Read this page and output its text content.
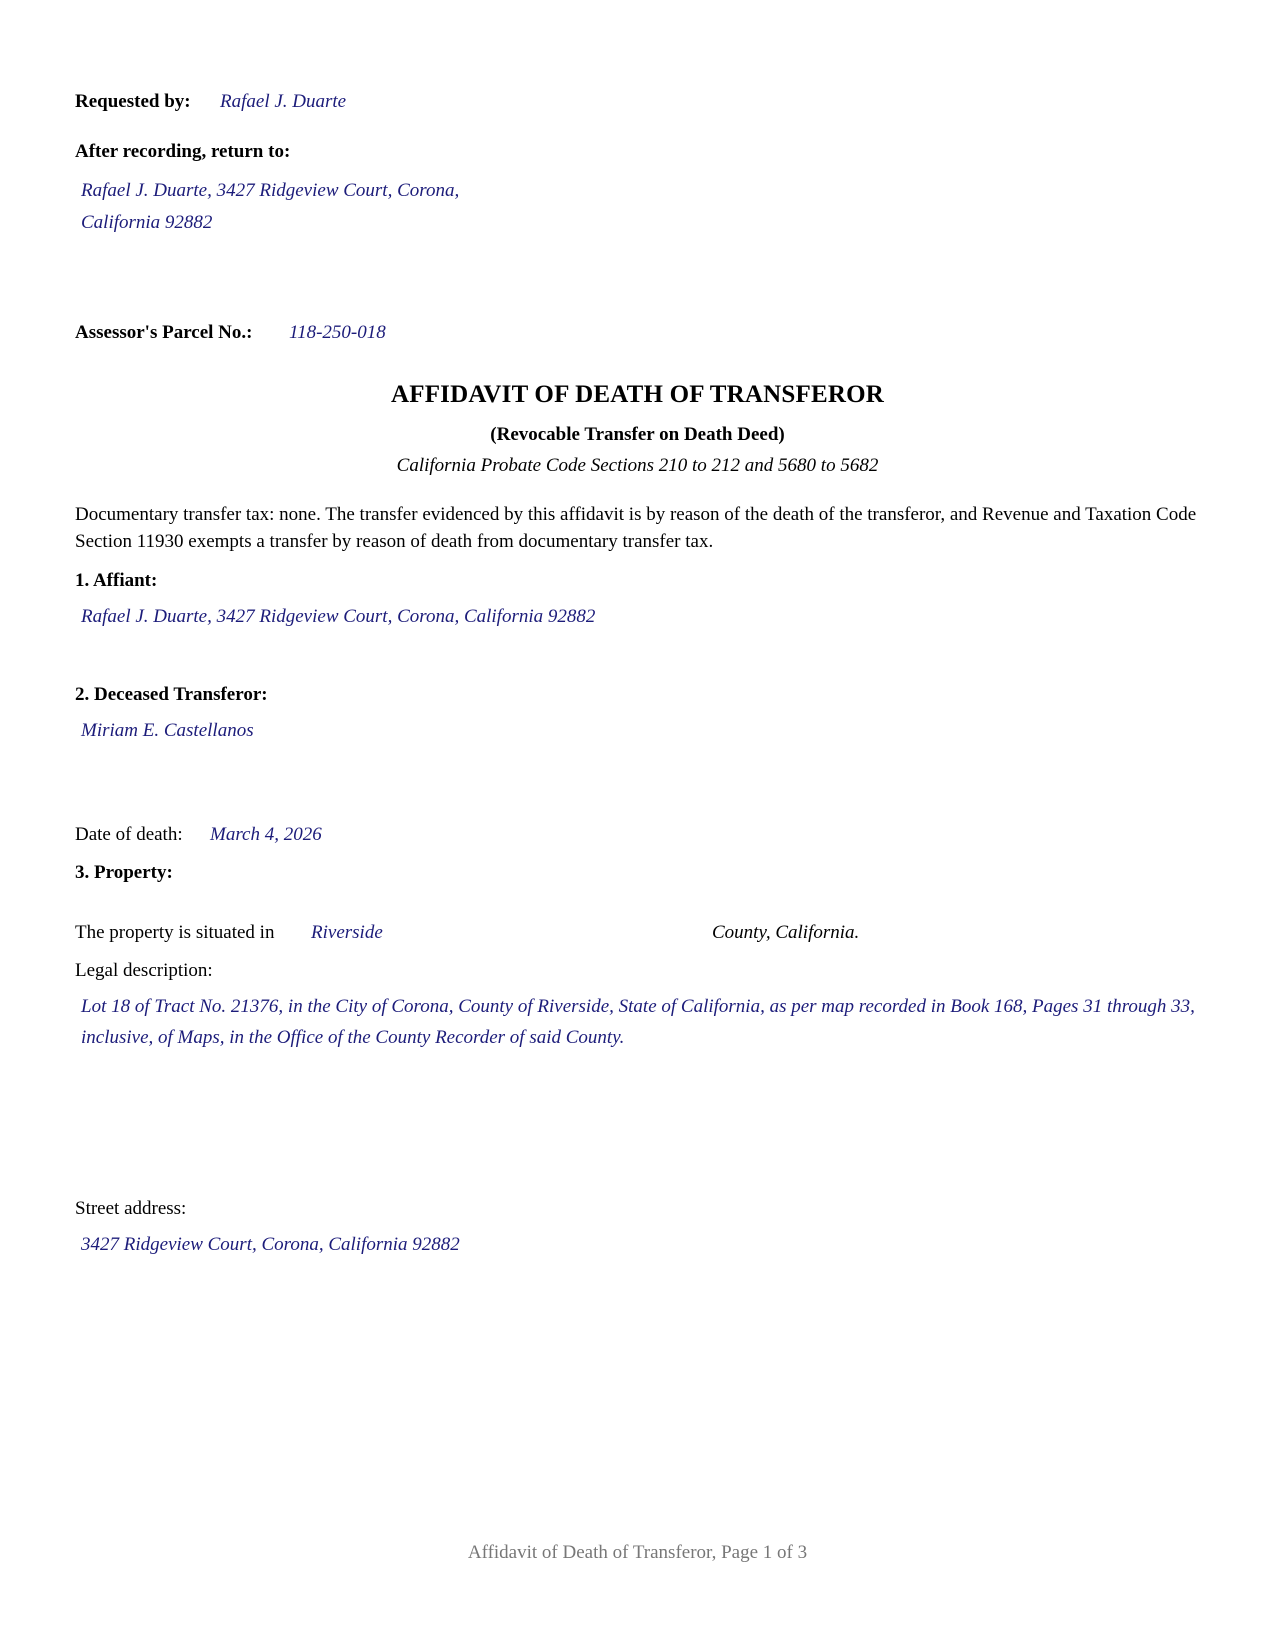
Requested by: Rafael J. Duarte
After recording, return to:
Rafael J. Duarte, 3427 Ridgeview Court, Corona, California 92882
Assessor's Parcel No.: 118-250-018
AFFIDAVIT OF DEATH OF TRANSFEROR
(Revocable Transfer on Death Deed)
California Probate Code Sections 210 to 212 and 5680 to 5682
Documentary transfer tax: none. The transfer evidenced by this affidavit is by reason of the death of the transferor, and Revenue and Taxation Code Section 11930 exempts a transfer by reason of death from documentary transfer tax.
1. Affiant:
Rafael J. Duarte, 3427 Ridgeview Court, Corona, California 92882
2. Deceased Transferor:
Miriam E. Castellanos
Date of death: March 4, 2026
3. Property:
The property is situated in Riverside	County, California.
Legal description:
Lot 18 of Tract No. 21376, in the City of Corona, County of Riverside, State of California, as per map recorded in Book 168, Pages 31 through 33, inclusive, of Maps, in the Office of the County Recorder of said County.
Street address:
3427 Ridgeview Court, Corona, California 92882
Affidavit of Death of Transferor, Page 1 of 3
